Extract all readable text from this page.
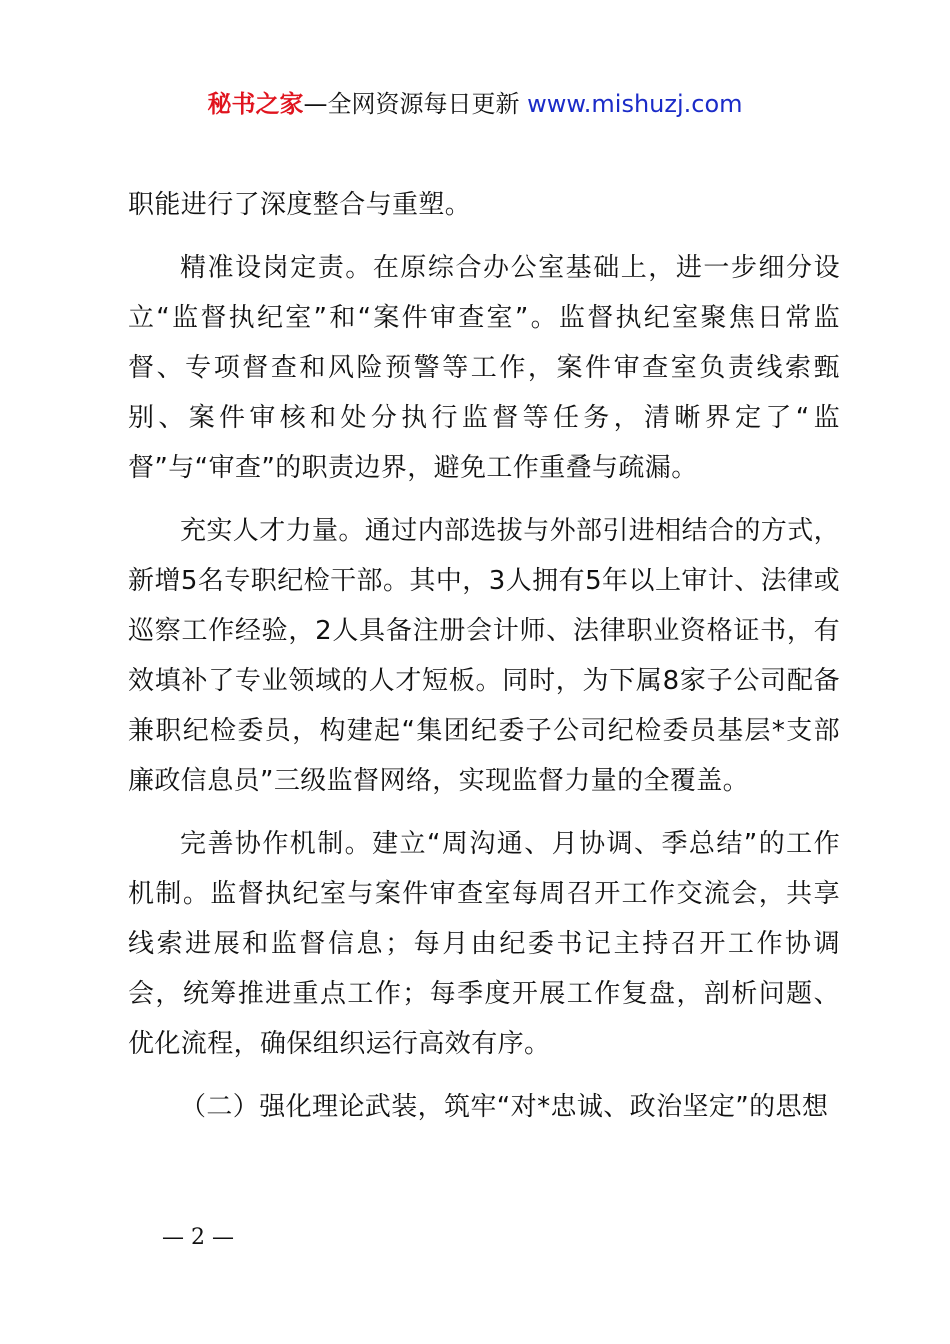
秘书之家—全网资源每日更新 www.mishuzj.com

职能进行了深度整合与重塑。

精准设岗定责。在原综合办公室基础上，进一步细分设立“监督执纪室”和“案件审查室”。监督执纪室聚焦日常监督、专项督查和风险预警等工作，案件审查室负责线索甄别、案件审核和处分执行监督等任务，清晰界定了“监督”与“审查”的职责边界，避免工作重叠与疏漏。

充实人才力量。通过内部选拔与外部引进相结合的方式，新增5名专职纪检干部。其中，3人拥有5年以上审计、法律或巡察工作经验，2人具备注册会计师、法律职业资格证书，有效填补了专业领域的人才短板。同时，为下属8家子公司配备兼职纪检委员，构建起“集团纪委子公司纪检委员基层*支部廉政信息员”三级监督网络，实现监督力量的全覆盖。

完善协作机制。建立“周沟通、月协调、季总结”的工作机制。监督执纪室与案件审查室每周召开工作交流会，共享线索进展和监督信息；每月由纪委书记主持召开工作协调会，统筹推进重点工作；每季度开展工作复盘，剖析问题、优化流程，确保组织运行高效有序。

（二）强化理论武装，筑牢“对*忠诚、政治坚定”的思想

— 2 —
